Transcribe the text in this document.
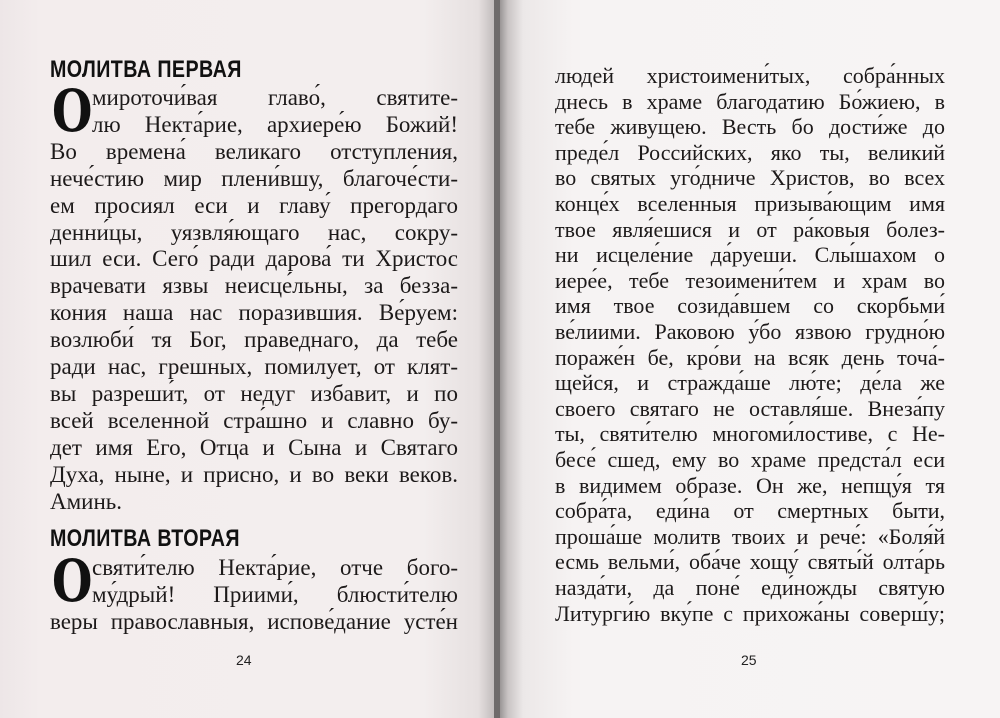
МОЛИТВА ПЕРВАЯ
О
МОЛИТВА ВТОРАЯ
О
мироточи́вая главо́, святите-
лю Некта́рие, архиере́ю Божий!
Во времена́ великаго отступления,
нече́стию мир плени́вшу, благоче́сти-
ем просиял еси и главу́ прегордаго
денни́цы, уязвля́ющаго нас, сокру-
шил еси. Сего́ ради дарова́ ти Христос
врачевати язвы неисце́льны, за безза-
кония наша нас поразившия. Ве́руем:
возлюби́ тя Бог, праведнаго, да тебе
ради нас, грешных, помилует, от клят-
вы разреши́т, от недуг избавит, и по
всей вселенной стра́шно и славно бу-
дет имя Его, Отца и Сына и Святаго
Духа, ныне, и присно, и во веки веков.
Аминь.
святи́телю Некта́рие, отче бого-
му́дрый! Приими́, блюсти́телю
веры православныя, испове́дание усте́н
людей христоимени́тых, собра́нных
днесь в храме благодатию Бо́жиею, в
тебе живущею. Весть бо дости́же до
преде́л Российских, яко ты, великий
во святых уго́дниче Христов, во всех
конце́х вселенныя призыва́ющим имя
твое явля́ешися и от ра́ковыя болез-
ни исцеле́ние да́руеши. Слы́шахом о
иере́е, тебе тезоимени́тем и храм во
имя твое созида́вшем со скорбьми́
ве́лиими. Раковою у́бо язвою грудно́ю
пораже́н бе, кро́ви на всяк день точа́-
щейся, и стражда́ше лю́те; де́ла же
своего святаго не оставля́ше. Внеза́пу
ты, святи́телю многоми́лостиве, с Не-
бесе́ сшед, ему во храме предста́л еси
в видимем образе. Он же, непщу́я тя
собра́та, еди́на от смертных быти,
проша́ше молитв твоих и рече́: «Боля́й
есмь вельми́, оба́че хощу́ святы́й олта́рь
назда́ти, да поне́ еди́ножды святую
Литурги́ю вку́пе с прихожа́ны соверш́у;
24	25
